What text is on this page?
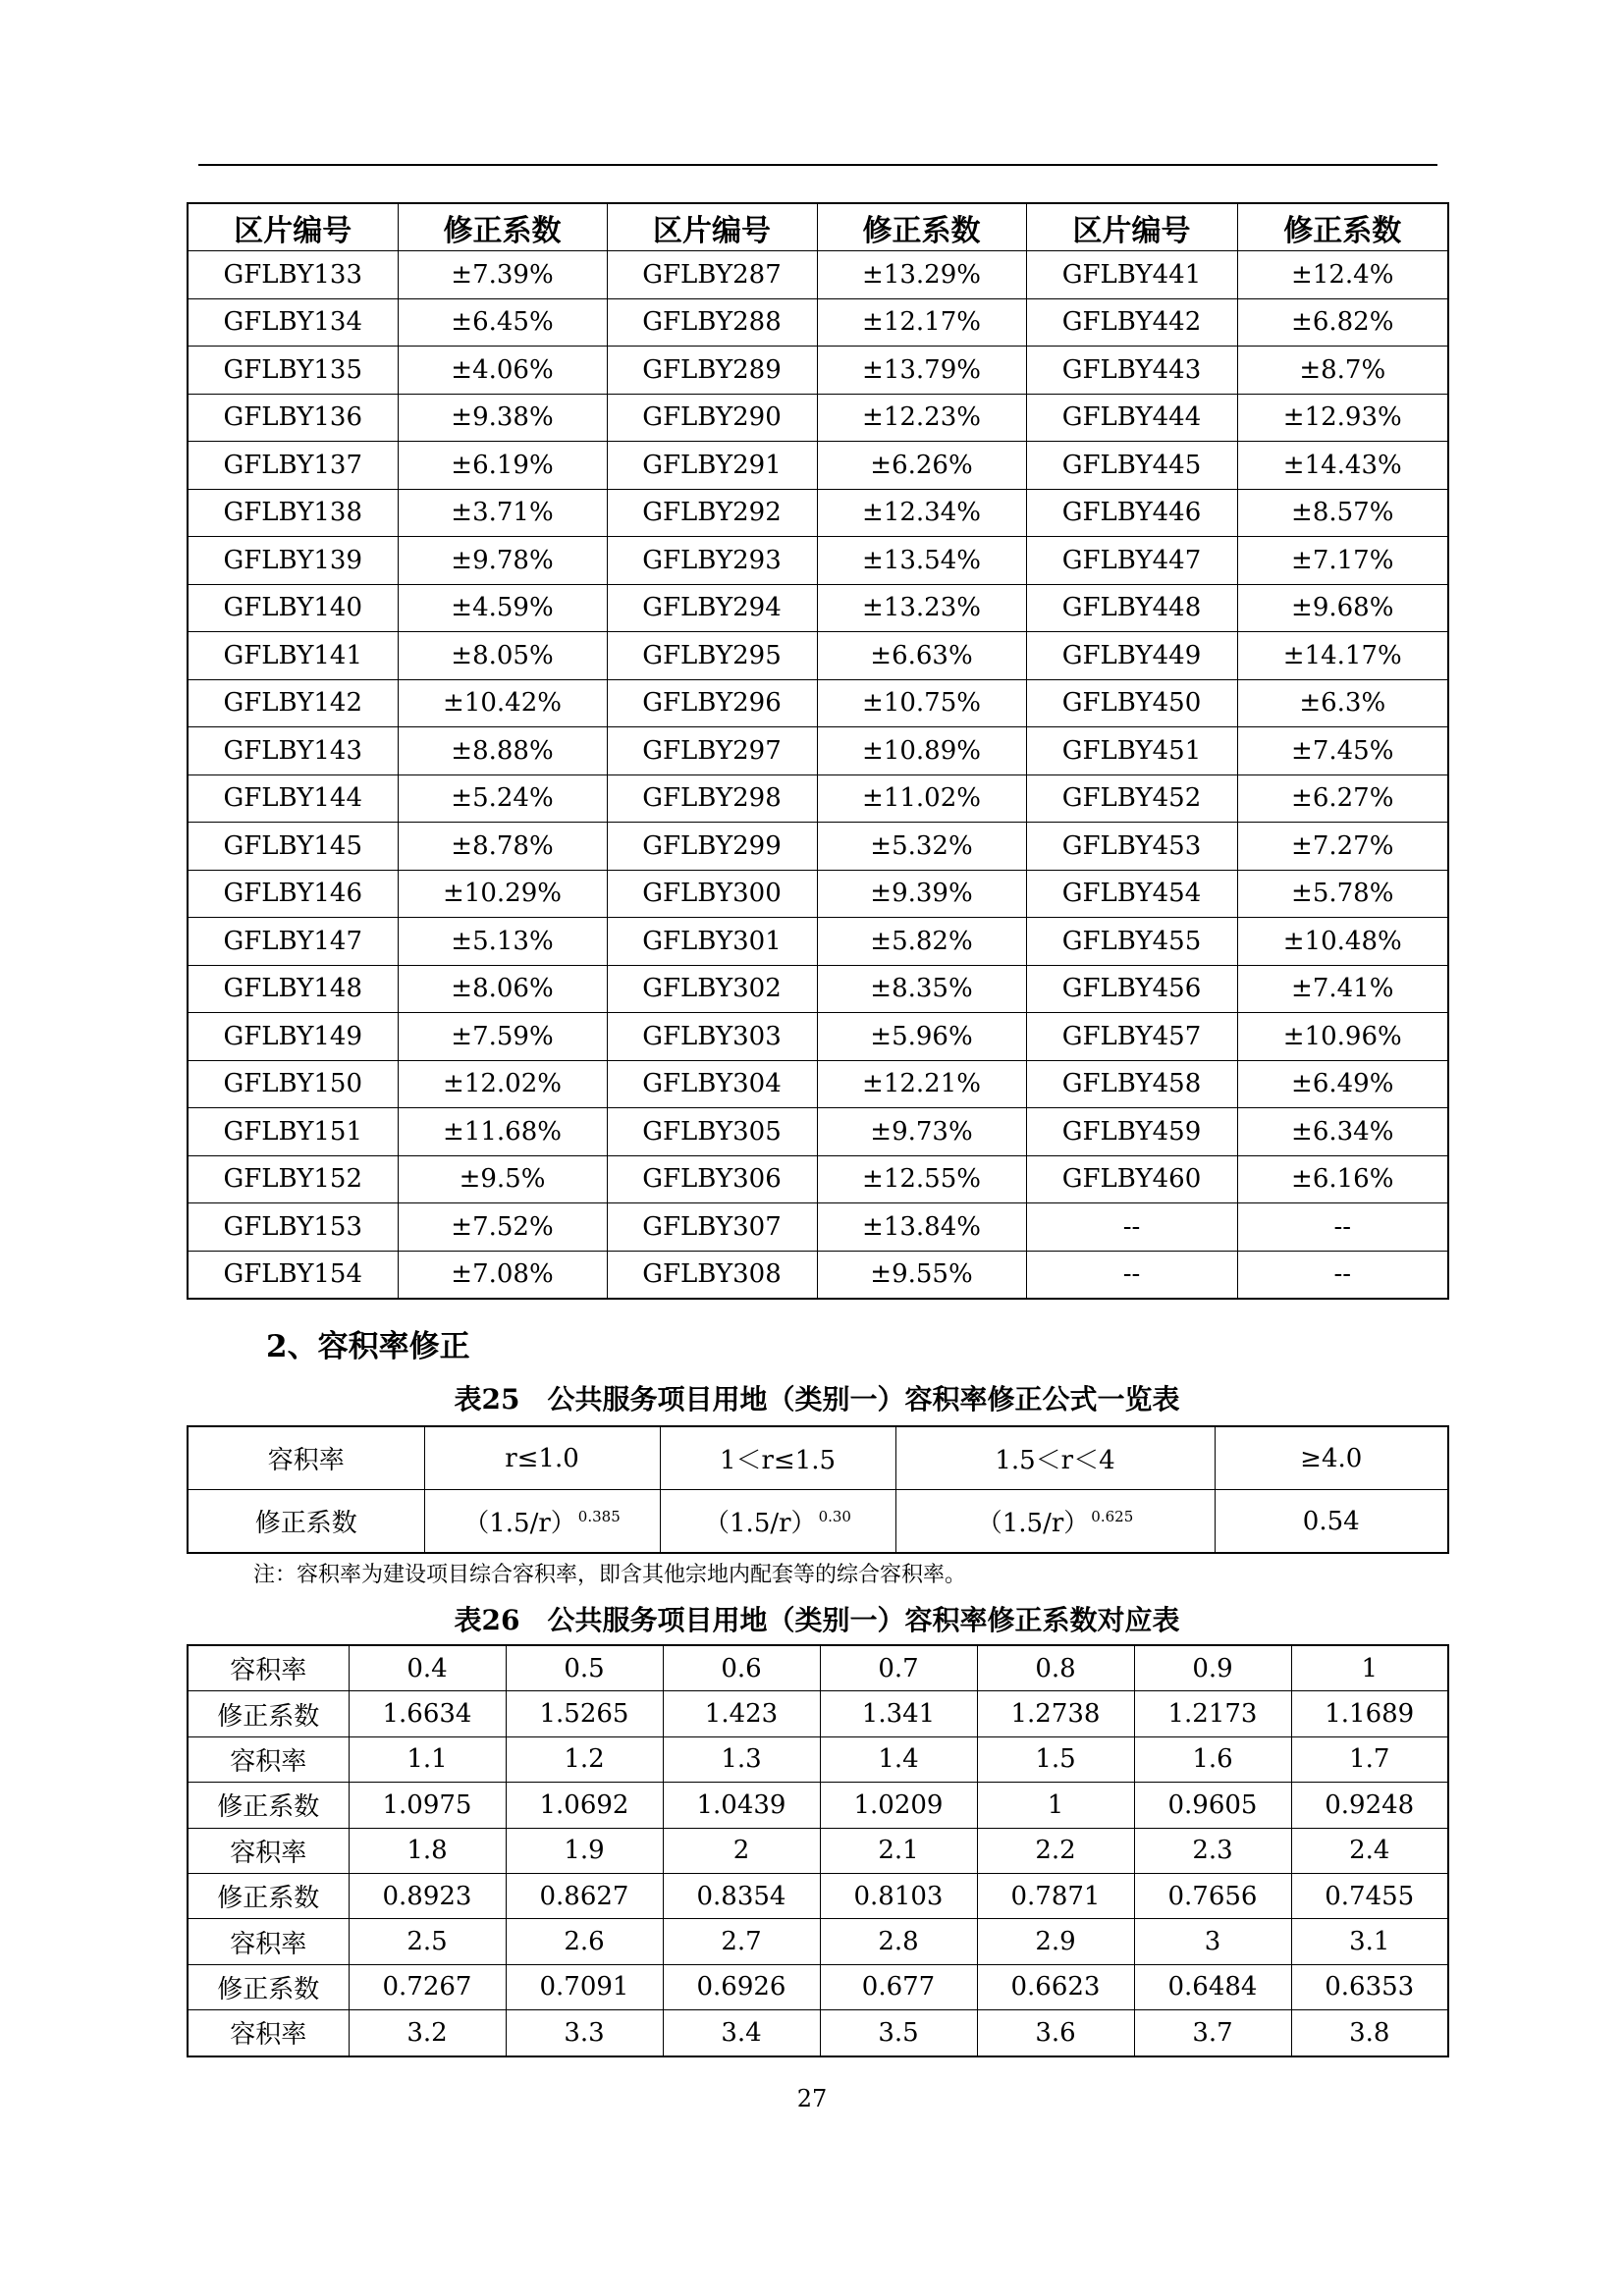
区片编号	修正系数	区片编号	修正系数	区片编号	修正系数
GFLBY133	±7.39%	GFLBY287	±13.29%	GFLBY441	±12.4%
GFLBY134	±6.45%	GFLBY288	±12.17%	GFLBY442	±6.82%
GFLBY135	±4.06%	GFLBY289	±13.79%	GFLBY443	±8.7%
GFLBY136	±9.38%	GFLBY290	±12.23%	GFLBY444	±12.93%
GFLBY137	±6.19%	GFLBY291	±6.26%	GFLBY445	±14.43%
GFLBY138	±3.71%	GFLBY292	±12.34%	GFLBY446	±8.57%
GFLBY139	±9.78%	GFLBY293	±13.54%	GFLBY447	±7.17%
GFLBY140	±4.59%	GFLBY294	±13.23%	GFLBY448	±9.68%
GFLBY141	±8.05%	GFLBY295	±6.63%	GFLBY449	±14.17%
GFLBY142	±10.42%	GFLBY296	±10.75%	GFLBY450	±6.3%
GFLBY143	±8.88%	GFLBY297	±10.89%	GFLBY451	±7.45%
GFLBY144	±5.24%	GFLBY298	±11.02%	GFLBY452	±6.27%
GFLBY145	±8.78%	GFLBY299	±5.32%	GFLBY453	±7.27%
GFLBY146	±10.29%	GFLBY300	±9.39%	GFLBY454	±5.78%
GFLBY147	±5.13%	GFLBY301	±5.82%	GFLBY455	±10.48%
GFLBY148	±8.06%	GFLBY302	±8.35%	GFLBY456	±7.41%
GFLBY149	±7.59%	GFLBY303	±5.96%	GFLBY457	±10.96%
GFLBY150	±12.02%	GFLBY304	±12.21%	GFLBY458	±6.49%
GFLBY151	±11.68%	GFLBY305	±9.73%	GFLBY459	±6.34%
GFLBY152	±9.5%	GFLBY306	±12.55%	GFLBY460	±6.16%
GFLBY153	±7.52%	GFLBY307	±13.84%	--	--
GFLBY154	±7.08%	GFLBY308	±9.55%	--	--
2、容积率修正
表25　公共服务项目用地（类别一）容积率修正公式一览表
容积率	r≤1.0	1＜r≤1.5	1.5＜r＜4	≥4.0
修正系数	（1.5/r） $^{0.385}$	（1.5/r） $^{0.30}$	（1.5/r） $^{0.625}$	0.54
注：容积率为建设项目综合容积率，即含其他宗地内配套等的综合容积率。
表26　公共服务项目用地（类别一）容积率修正系数对应表
容积率	0.4	0.5	0.6	0.7	0.8	0.9	1
修正系数	1.6634	1.5265	1.423	1.341	1.2738	1.2173	1.1689
容积率	1.1	1.2	1.3	1.4	1.5	1.6	1.7
修正系数	1.0975	1.0692	1.0439	1.0209	1	0.9605	0.9248
容积率	1.8	1.9	2	2.1	2.2	2.3	2.4
修正系数	0.8923	0.8627	0.8354	0.8103	0.7871	0.7656	0.7455
容积率	2.5	2.6	2.7	2.8	2.9	3	3.1
修正系数	0.7267	0.7091	0.6926	0.677	0.6623	0.6484	0.6353
容积率	3.2	3.3	3.4	3.5	3.6	3.7	3.8
27
